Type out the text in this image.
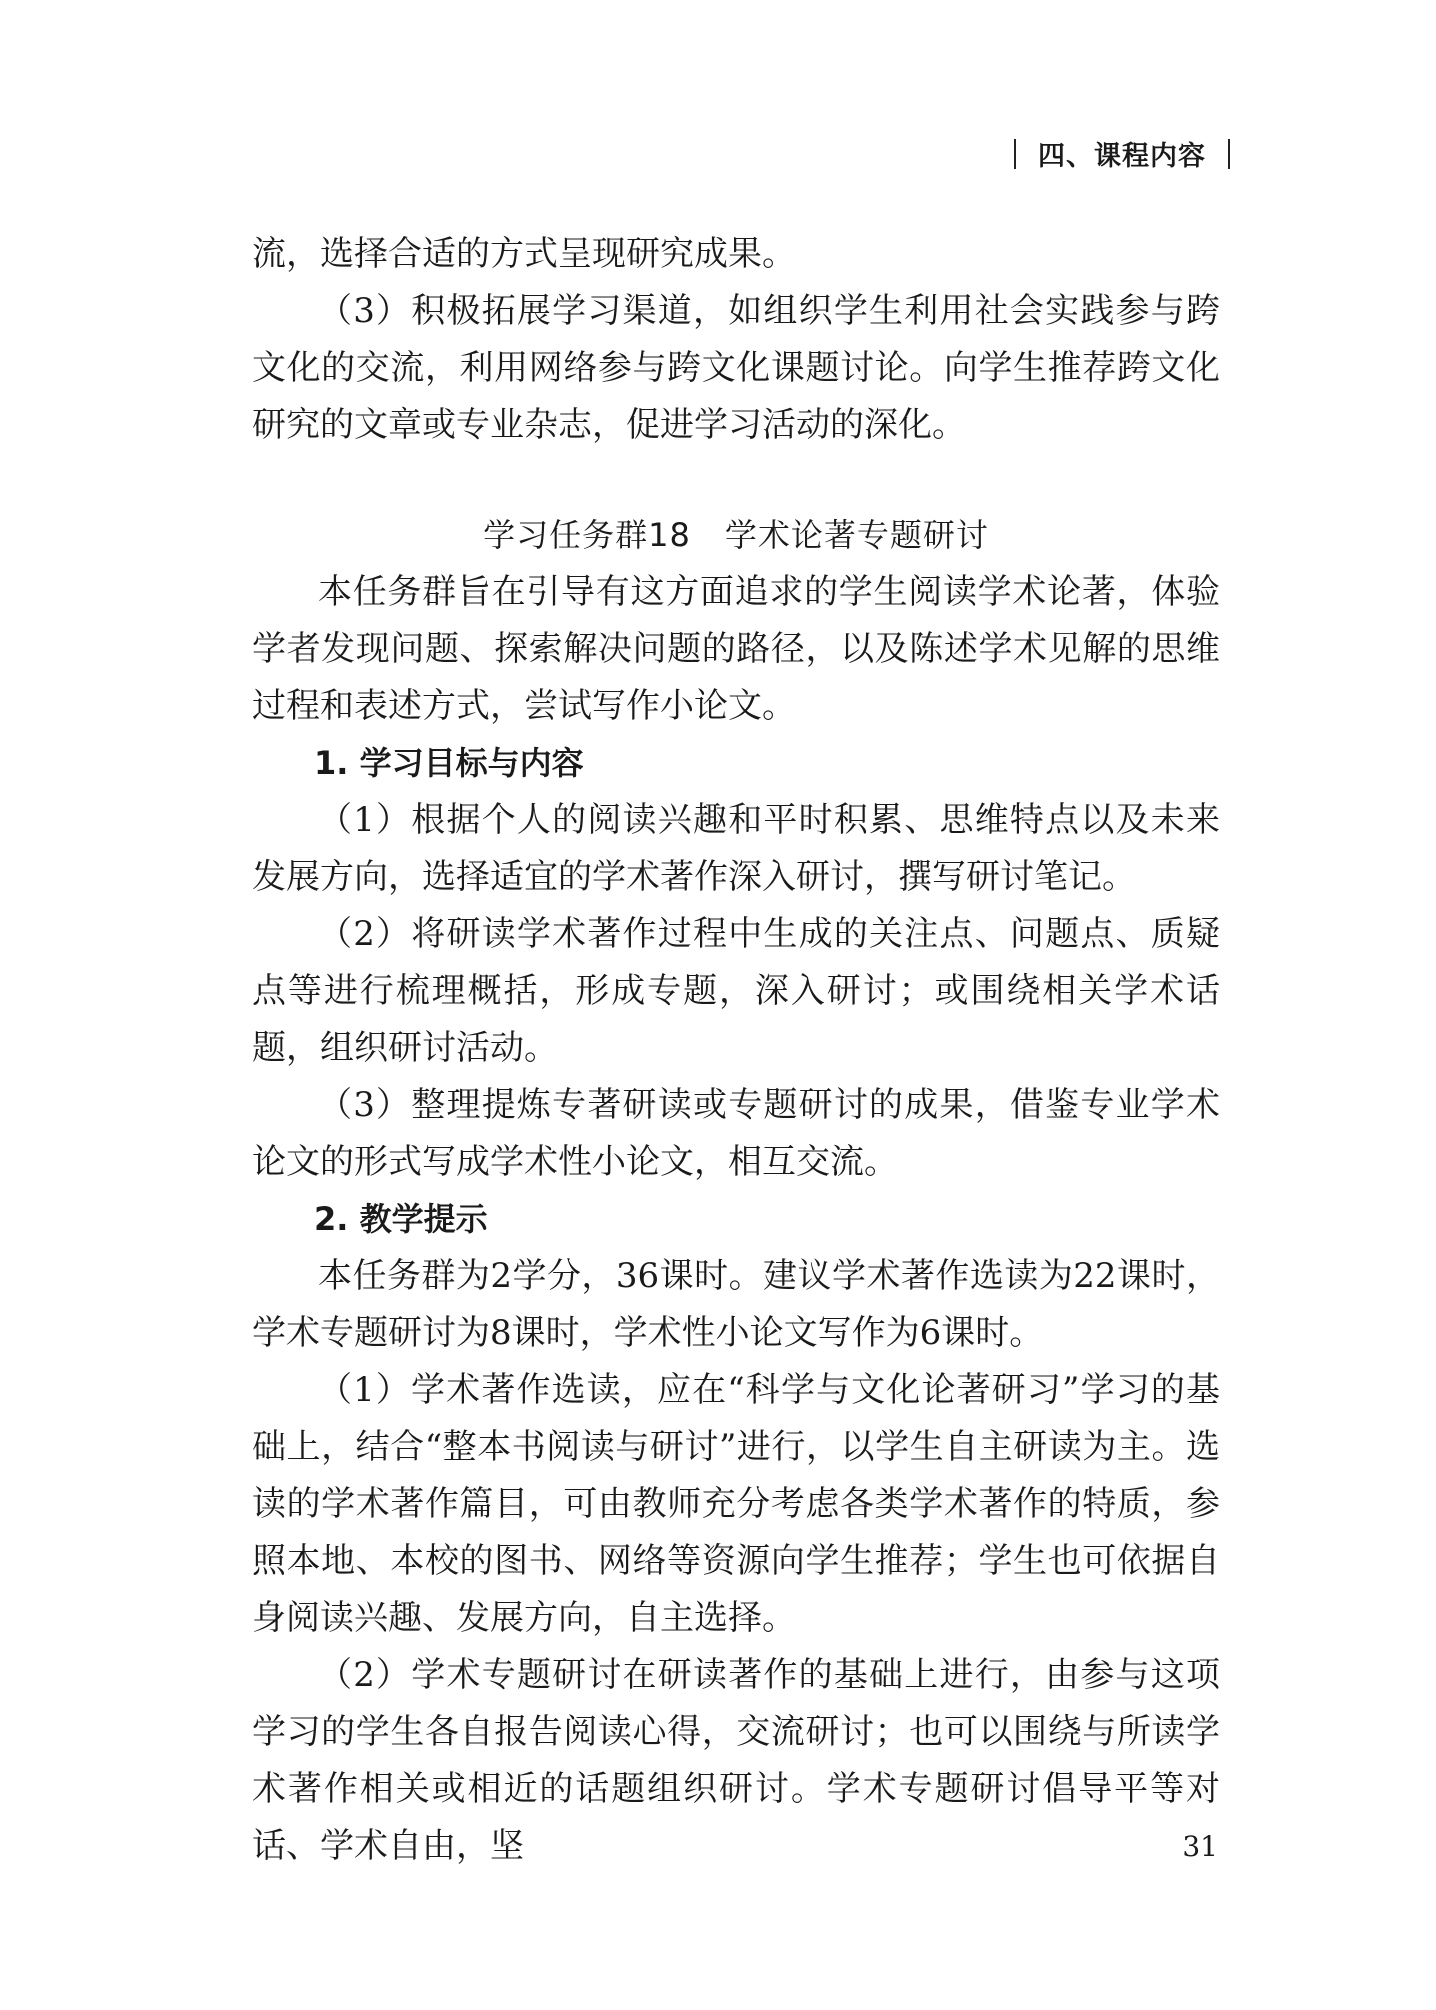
四、课程内容

流，选择合适的方式呈现研究成果。

（3）积极拓展学习渠道，如组织学生利用社会实践参与跨文化的交流，利用网络参与跨文化课题讨论。向学生推荐跨文化研究的文章或专业杂志，促进学习活动的深化。

学习任务群18 学术论著专题研讨

本任务群旨在引导有这方面追求的学生阅读学术论著，体验学者发现问题、探索解决问题的路径，以及陈述学术见解的思维过程和表述方式，尝试写作小论文。

1. 学习目标与内容

（1）根据个人的阅读兴趣和平时积累、思维特点以及未来发展方向，选择适宜的学术著作深入研讨，撰写研讨笔记。

（2）将研读学术著作过程中生成的关注点、问题点、质疑点等进行梳理概括，形成专题，深入研讨；或围绕相关学术话题，组织研讨活动。

（3）整理提炼专著研读或专题研讨的成果，借鉴专业学术论文的形式写成学术性小论文，相互交流。

2. 教学提示

本任务群为2学分，36课时。建议学术著作选读为22课时，学术专题研讨为8课时，学术性小论文写作为6课时。

（1）学术著作选读，应在“科学与文化论著研习”学习的基础上，结合“整本书阅读与研讨”进行，以学生自主研读为主。选读的学术著作篇目，可由教师充分考虑各类学术著作的特质，参照本地、本校的图书、网络等资源向学生推荐；学生也可依据自身阅读兴趣、发展方向，自主选择。

（2）学术专题研讨在研读著作的基础上进行，由参与这项学习的学生各自报告阅读心得，交流研讨；也可以围绕与所读学术著作相关或相近的话题组织研讨。学术专题研讨倡导平等对话、学术自由，坚	31
